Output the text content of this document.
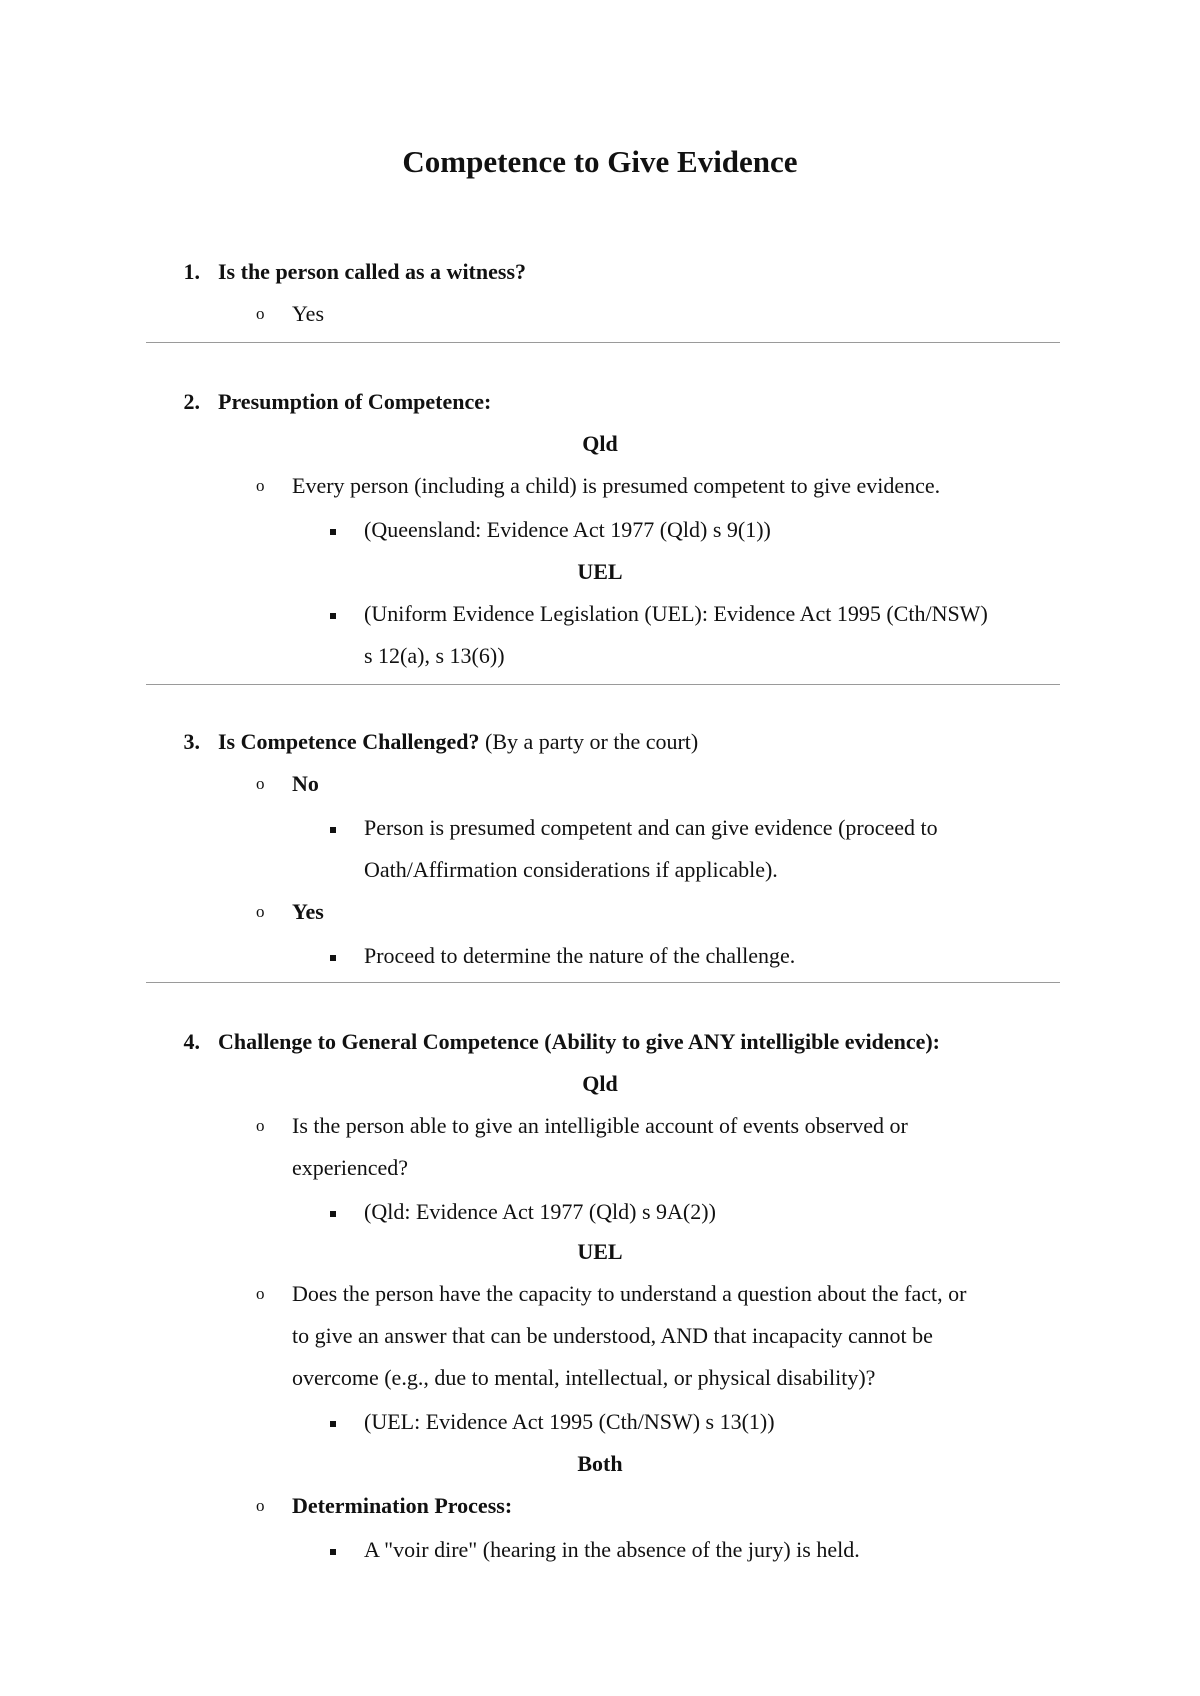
Competence to Give Evidence
1. Is the person called as a witness?
o Yes
2. Presumption of Competence:
Qld
o Every person (including a child) is presumed competent to give evidence.
(Queensland: Evidence Act 1977 (Qld) s 9(1))
UEL
(Uniform Evidence Legislation (UEL): Evidence Act 1995 (Cth/NSW)
s 12(a), s 13(6))
3. Is Competence Challenged? (By a party or the court)
o No
Person is presumed competent and can give evidence (proceed to
Oath/Affirmation considerations if applicable).
o Yes
Proceed to determine the nature of the challenge.
4. Challenge to General Competence (Ability to give ANY intelligible evidence):
Qld
o Is the person able to give an intelligible account of events observed or
experienced?
(Qld: Evidence Act 1977 (Qld) s 9A(2))
UEL
o Does the person have the capacity to understand a question about the fact, or
to give an answer that can be understood, AND that incapacity cannot be
overcome (e.g., due to mental, intellectual, or physical disability)?
(UEL: Evidence Act 1995 (Cth/NSW) s 13(1))
Both
o Determination Process:
A "voir dire" (hearing in the absence of the jury) is held.
